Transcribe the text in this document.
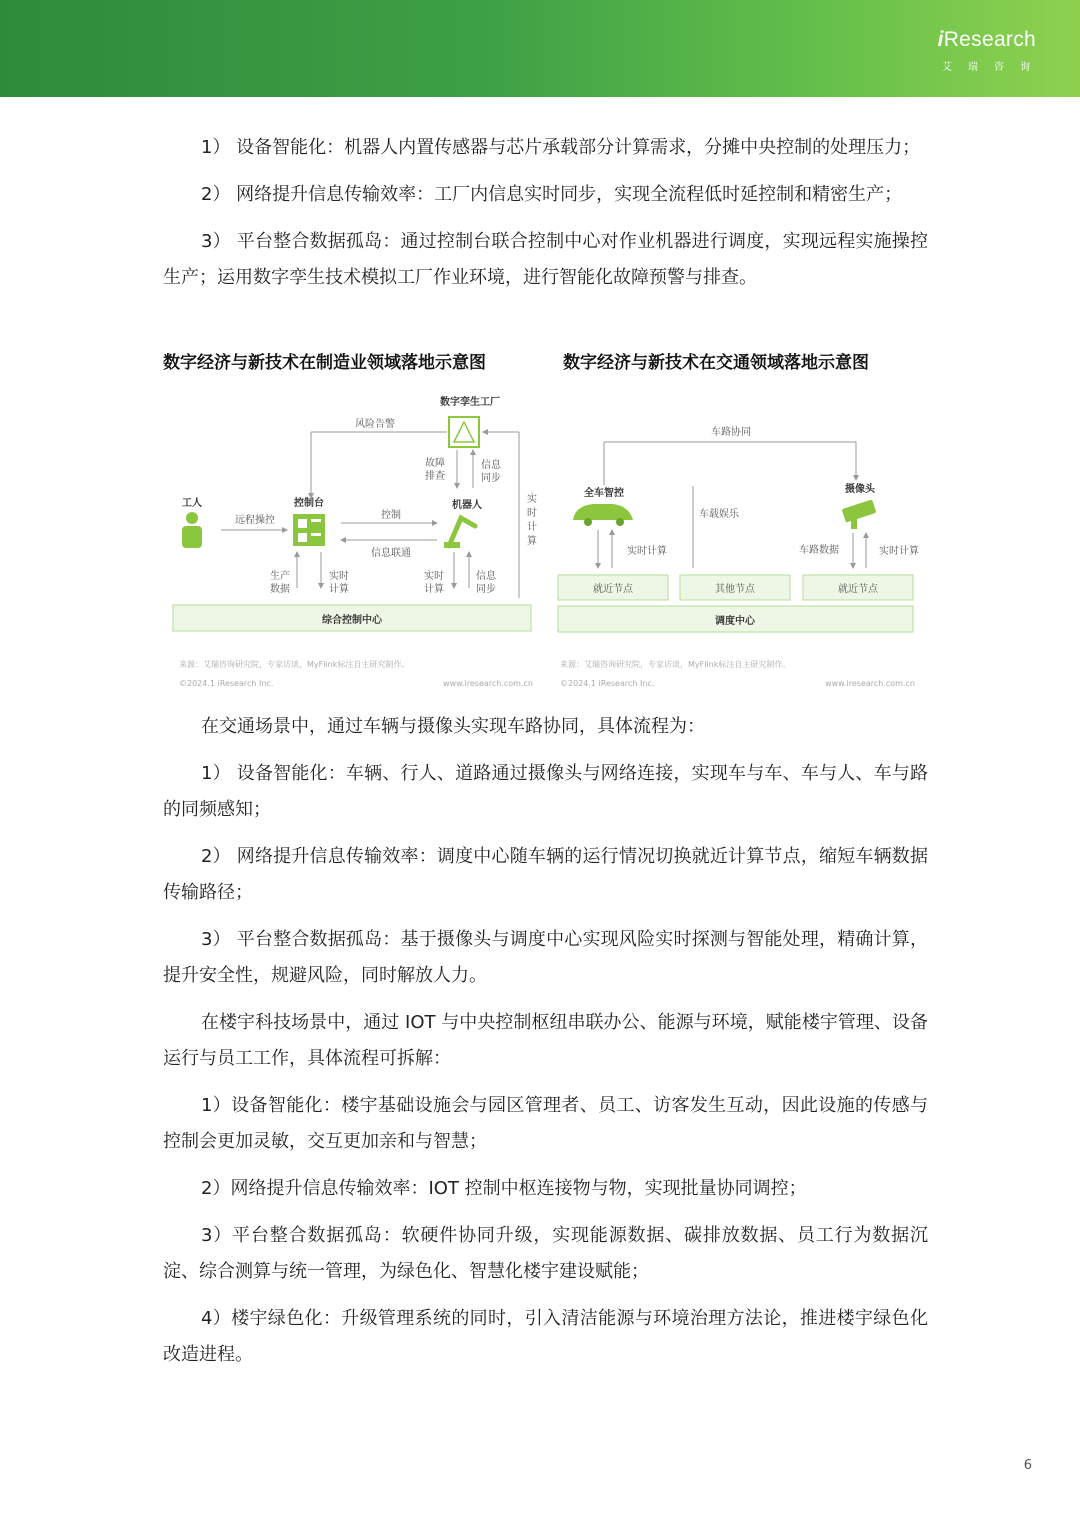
iResearch
艾瑞咨询

1） 设备智能化：机器人内置传感器与芯片承载部分计算需求，分摊中央控制的处理压力；

2） 网络提升信息传输效率：工厂内信息实时同步，实现全流程低时延控制和精密生产；

3） 平台整合数据孤岛：通过控制台联合控制中心对作业机器进行调度，实现远程实施操控生产；运用数字孪生技术模拟工厂作业环境，进行智能化故障预警与排查。

数字经济与新技术在制造业领域落地示意图	数字经济与新技术在交通领域落地示意图
数字孪生工厂
风险告警
故障
排查
信息
同步
实
时
计
算
工人
远程操控
控制台
控制
信息联通
机器人
生产
数据
实时
计算
实时
计算
信息
同步
综合控制中心
来源：艾瑞咨询研究院，专家访谈，MyFlink标注自主研究制作。
©2024.1 iResearch Inc.	www.iresearch.com.cn
车路协同
全车智控	摄像头
车载娱乐
实时计算	车路数据	实时计算
就近节点	其他节点	就近节点
调度中心
来源：艾瑞咨询研究院，专家访谈，MyFlink标注自主研究制作。
©2024.1 iResearch Inc.	www.iresearch.com.cn

在交通场景中，通过车辆与摄像头实现车路协同，具体流程为：

1） 设备智能化：车辆、行人、道路通过摄像头与网络连接，实现车与车、车与人、车与路的同频感知；

2） 网络提升信息传输效率：调度中心随车辆的运行情况切换就近计算节点，缩短车辆数据传输路径；

3） 平台整合数据孤岛：基于摄像头与调度中心实现风险实时探测与智能处理，精确计算，提升安全性，规避风险，同时解放人力。

在楼宇科技场景中，通过 IOT 与中央控制枢纽串联办公、能源与环境，赋能楼宇管理、设备运行与员工工作，具体流程可拆解：

1）设备智能化：楼宇基础设施会与园区管理者、员工、访客发生互动，因此设施的传感与控制会更加灵敏，交互更加亲和与智慧；

2）网络提升信息传输效率：IOT 控制中枢连接物与物，实现批量协同调控；

3）平台整合数据孤岛：软硬件协同升级，实现能源数据、碳排放数据、员工行为数据沉淀、综合测算与统一管理，为绿色化、智慧化楼宇建设赋能；

4）楼宇绿色化：升级管理系统的同时，引入清洁能源与环境治理方法论，推进楼宇绿色化改造进程。

6
